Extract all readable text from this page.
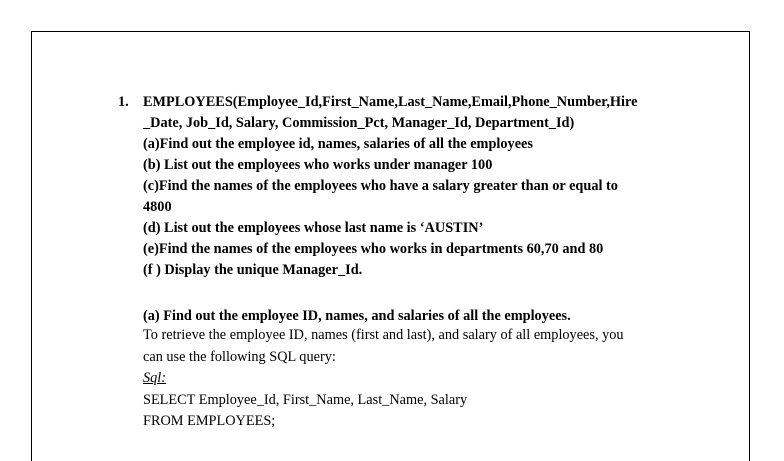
1. EMPLOYEES(Employee_Id,First_Name,Last_Name,Email,Phone_Number,Hire
_Date, Job_Id, Salary, Commission_Pct, Manager_Id, Department_Id)
(a)Find out the employee id, names, salaries of all the employees
(b) List out the employees who works under manager 100
(c)Find the names of the employees who have a salary greater than or equal to
4800
(d) List out the employees whose last name is ‘AUSTIN’
(e)Find the names of the employees who works in departments 60,70 and 80
(f ) Display the unique Manager_Id.
(a) Find out the employee ID, names, and salaries of all the employees.
To retrieve the employee ID, names (first and last), and salary of all employees, you
can use the following SQL query:
Sql:
SELECT Employee_Id, First_Name, Last_Name, Salary
FROM EMPLOYEES;
